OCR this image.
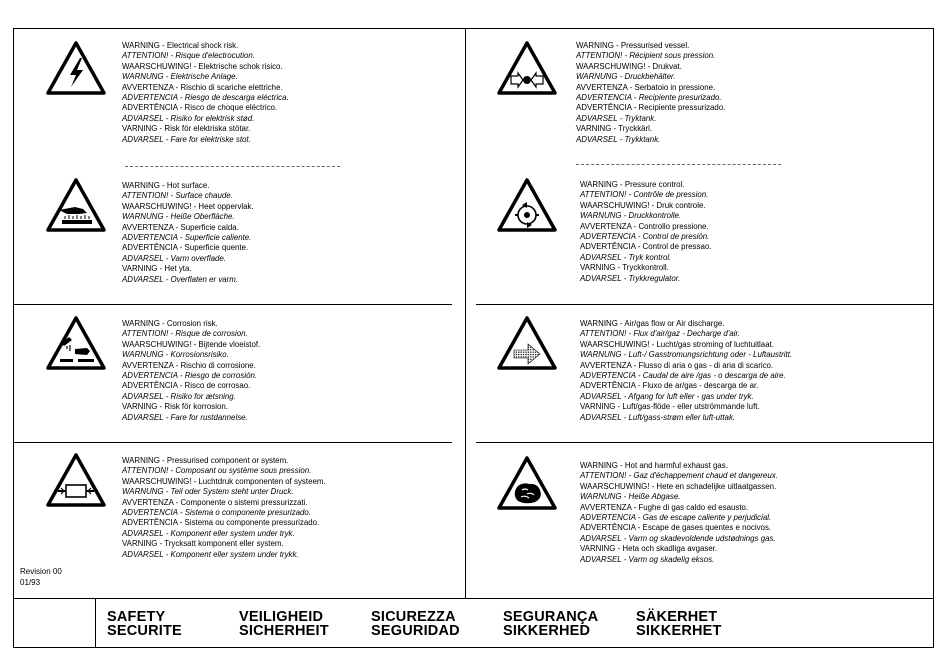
WARNING - Electrical shock risk.
ATTENTION! - Risque d'electrocution.
WAARSCHUWING! - Elektrische schok risico.
WARNUNG - Elektrische Anlage.
AVVERTENZA - Rischio di scariche elettriche.
ADVERTENCIA - Riesgo de descarga eléctrica.
ADVERTÊNCIA - Risco de choque eléctrico.
ADVARSEL - Risiko for elektrisk stød.
VARNING - Risk för elektriska stötar.
ADVARSEL - Fare for elektriske stot.
WARNING - Pressurised vessel.
ATTENTION! - Récipient sous pression.
WAARSCHUWING! - Drukvat.
WARNUNG - Druckbehälter.
AVVERTENZA - Serbatoio in pressione.
ADVERTENCIA - Recipiente presurizado.
ADVERTÊNCIA - Recipiente pressurizado.
ADVARSEL - Tryktank.
VARNING - Tryckkärl.
ADVARSEL - Trykktank.
WARNING - Hot surface.
ATTENTION! - Surface chaude.
WAARSCHUWING! - Heet oppervlak.
WARNUNG - Heiße Oberfläche.
AVVERTENZA - Superficie calda.
ADVERTENCIA - Superficie caliente.
ADVERTÊNCIA - Superficie quente.
ADVARSEL - Varm overflade.
VARNING - Het yta.
ADVARSEL - Overflaten er varm.
WARNING - Pressure control.
ATTENTION! - Contrôle de pression.
WAARSCHUWING! - Druk controle.
WARNUNG - Druckkontrolle.
AVVERTENZA - Controllo pressione.
ADVERTENCIA - Control de presión.
ADVERTÊNCIA - Control de pressao.
ADVARSEL - Tryk kontrol.
VARNING - Tryckkontroll.
ADVARSEL - Trykkregulator.
WARNING - Corrosion risk.
ATTENTION! - Risque de corrosion.
WAARSCHUWING! - Bijtende vloeistof.
WARNUNG - Korrosionsrisiko.
AVVERTENZA - Rischio di corrosione.
ADVERTENCIA - Riesgo de corrosión.
ADVERTÊNCIA - Risco de corrosao.
ADVARSEL - Risiko for ætsning.
VARNING - Risk för korrosion.
ADVARSEL - Fare for rustdannelse.
WARNING - Air/gas flow or Air discharge.
ATTENTION! - Flux d'air/gaz - Decharge d'air.
WAARSCHUWING! - Lucht/gas stroming of luchtuitlaat.
WARNUNG - Luft-/ Gasstromungsrichtung oder - Luftaustritt.
AVVERTENZA - Flusso di aria o gas - di aria di scarico.
ADVERTENCIA - Caudal de aire /gas - o descarga de aire.
ADVERTÊNCIA - Fluxo de ar/gas - descarga de ar.
ADVARSEL - Afgang for luft eller - gas under tryk.
VARNING - Luft/gas-flöde - eller utströmmande luft.
ADVARSEL - Luft/gass-strøm eller luft-uttak.
WARNING - Pressurised component or system.
ATTENTION! - Composant ou système sous pression.
WAARSCHUWING! - Luchtdruk componenten of systeem.
WARNUNG - Teil oder System steht unter Druck.
AVVERTENZA - Componente o sistemi pressurizzati.
ADVERTENCIA - Sistema o componente presurizado.
ADVERTÊNCIA - Sistema ou componente pressurizado.
ADVARSEL - Komponent eller system under tryk.
VARNING - Trycksatt komponent eller system.
ADVARSEL - Komponent eller system under trykk.
WARNING - Hot and harmful exhaust gas.
ATTENTION! - Gaz d'échappement chaud et dangereux.
WAARSCHUWING! - Hete en schadelijke uitlaatgassen.
WARNUNG - Heiße Abgase.
AVVERTENZA - Fughe di gas caldo ed esausto.
ADVERTENCIA - Gas de escape caliente y perjudicial.
ADVERTÊNCIA - Escape de gases quentes e nocivos.
ADVARSEL - Varm og skadevoldende udstødnings gas.
VARNING - Heta och skadliga avgaser.
ADVARSEL - Varm og skadelig eksos.
Revision 00
01/93
SAFETY
SECURITE
VEILIGHEID
SICHERHEIT
SICUREZZA
SEGURIDAD
SEGURANÇA
SIKKERHED
SÄKERHET
SIKKERHET
